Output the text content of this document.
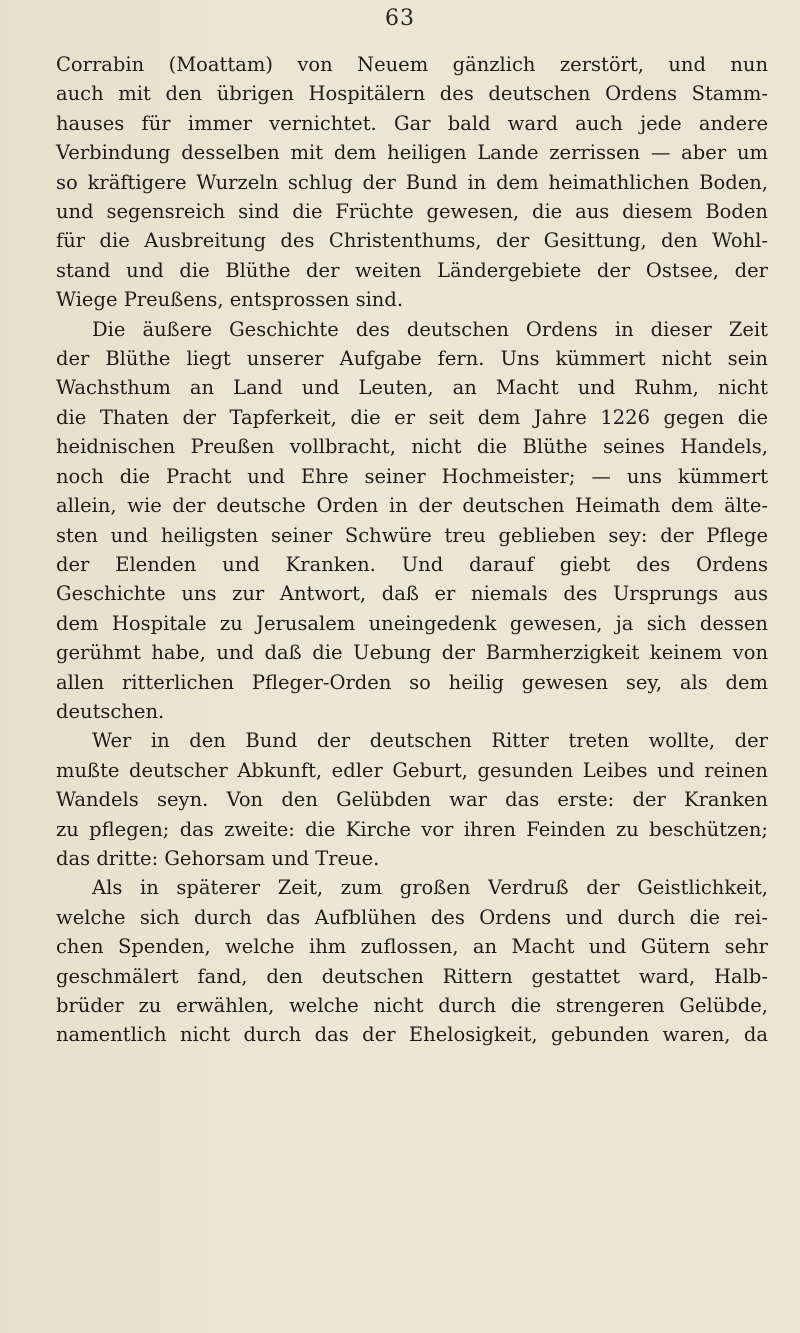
63

Corrabin (Moattam) von Neuem gänzlich zerstört, und nun
auch mit den übrigen Hospitälern des deutschen Ordens Stamm-
hauses für immer vernichtet. Gar bald ward auch jede andere
Verbindung desselben mit dem heiligen Lande zerrissen — aber um
so kräftigere Wurzeln schlug der Bund in dem heimathlichen Boden,
und segensreich sind die Früchte gewesen, die aus diesem Boden
für die Ausbreitung des Christenthums, der Gesittung, den Wohl-
stand und die Blüthe der weiten Ländergebiete der Ostsee, der
Wiege Preußens, entsprossen sind.

Die äußere Geschichte des deutschen Ordens in dieser Zeit
der Blüthe liegt unserer Aufgabe fern. Uns kümmert nicht sein
Wachsthum an Land und Leuten, an Macht und Ruhm, nicht
die Thaten der Tapferkeit, die er seit dem Jahre 1226 gegen die
heidnischen Preußen vollbracht, nicht die Blüthe seines Handels,
noch die Pracht und Ehre seiner Hochmeister; — uns kümmert
allein, wie der deutsche Orden in der deutschen Heimath dem älte-
sten und heiligsten seiner Schwüre treu geblieben sey: der Pflege
der Elenden und Kranken. Und darauf giebt des Ordens
Geschichte uns zur Antwort, daß er niemals des Ursprungs aus
dem Hospitale zu Jerusalem uneingedenk gewesen, ja sich dessen
gerühmt habe, und daß die Uebung der Barmherzigkeit keinem von
allen ritterlichen Pfleger-Orden so heilig gewesen sey, als dem
deutschen.

Wer in den Bund der deutschen Ritter treten wollte, der
mußte deutscher Abkunft, edler Geburt, gesunden Leibes und reinen
Wandels seyn. Von den Gelübden war das erste: der Kranken
zu pflegen; das zweite: die Kirche vor ihren Feinden zu beschützen;
das dritte: Gehorsam und Treue.

Als in späterer Zeit, zum großen Verdruß der Geistlichkeit,
welche sich durch das Aufblühen des Ordens und durch die rei-
chen Spenden, welche ihm zuflossen, an Macht und Gütern sehr
geschmälert fand, den deutschen Rittern gestattet ward, Halb-
brüder zu erwählen, welche nicht durch die strengeren Gelübde,
namentlich nicht durch das der Ehelosigkeit, gebunden waren, da
